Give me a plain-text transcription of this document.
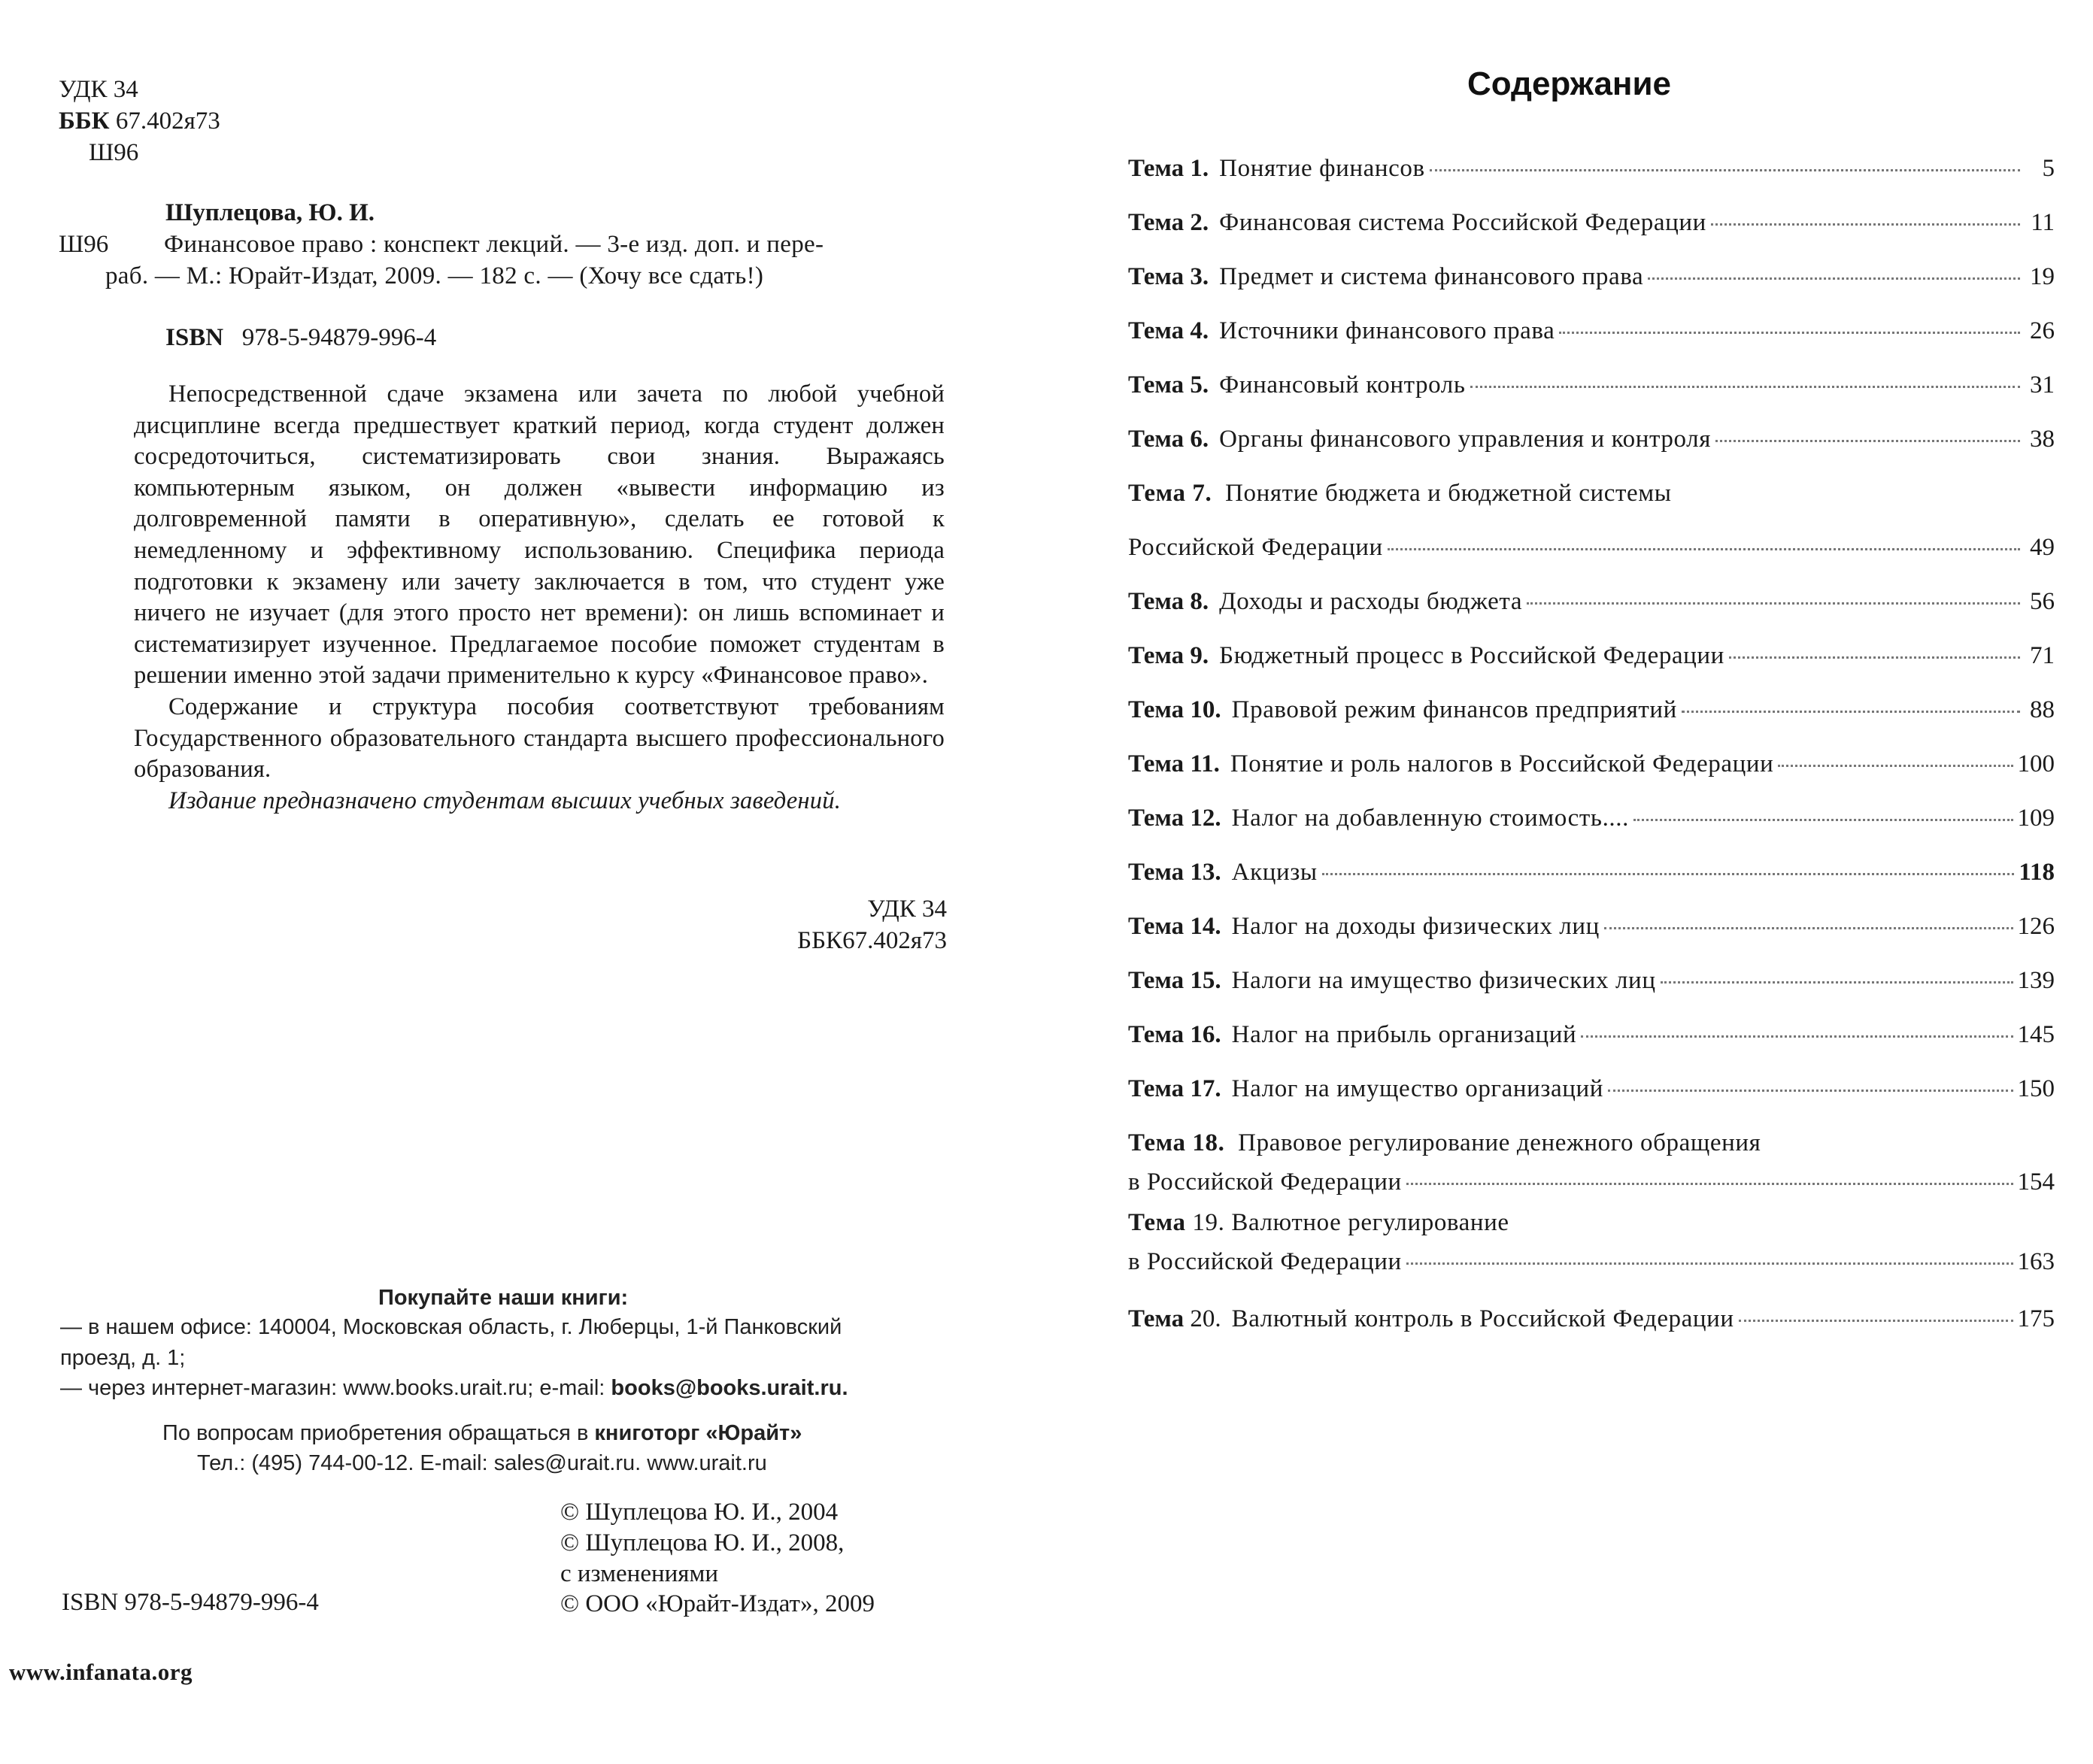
УДК 34

ББК 67.402я73

Ш96

Шуплецова, Ю. И.

Ш96 Финансовое право : конспект лекций. — 3-е изд. доп. и пере-

раб. — М.: Юрайт-Издат, 2009. — 182 с. — (Хочу все сдать!)

ISBN 978-5-94879-996-4

Непосредственной сдаче экзамена или зачета по любой учебной дисциплине всегда предшествует краткий период, когда студент должен сосредоточиться, систематизировать свои знания. Выражаясь компьютерным языком, он должен «вывести информацию из долговременной памяти в оперативную», сделать ее готовой к немедленному и эффективному использованию. Специфика периода подготовки к экзамену или зачету заключается в том, что студент уже ничего не изучает (для этого просто нет времени): он лишь вспоминает и систематизирует изученное. Предлагаемое пособие поможет студентам в решении именно этой задачи применительно к курсу «Финансовое право».

Содержание и структура пособия соответствуют требованиям Государственного образовательного стандарта высшего профессионального образования.

Издание предназначено студентам высших учебных заведений.

УДК 34

ББК67.402я73

Покупайте наши книги:

— в нашем офисе: 140004, Московская область, г. Люберцы, 1-й Панковский

проезд, д. 1;

— через интернет-магазин: www.books.urait.ru; e-mail: books@books.urait.ru.

По вопросам приобретения обращаться в книготорг «Юрайт»

Тел.: (495) 744-00-12. E-mail: sales@urait.ru. www.urait.ru

© Шуплецова Ю. И., 2004

© Шуплецова Ю. И., 2008,

с изменениями

© ООО «Юрайт-Издат», 2009

ISBN 978-5-94879-996-4

www.infanata.org

Содержание
Тема 1. Понятие финансов	5
Тема 2. Финансовая система Российской Федерации	11
Тема 3. Предмет и система финансового права	19
Тема 4. Источники финансового права	26
Тема 5. Финансовый контроль	31
Тема 6. Органы финансового управления и контроля	38

Тема 7. Понятие бюджета и бюджетной системы

Российской Федерации	49
Тема 8. Доходы и расходы бюджета	56
Тема 9. Бюджетный процесс в Российской Федерации	71
Тема 10. Правовой режим финансов предприятий	88
Тема 11. Понятие и роль налогов в Российской Федерации	100
Тема 12. Налог на добавленную стоимость....	109
Тема 13. Акцизы	118
Тема 14. Налог на доходы физических лиц	126
Тема 15. Налоги на имущество физических лиц	139
Тема 16. Налог на прибыль организаций	145
Тема 17. Налог на имущество организаций	150

Тема 18. Правовое регулирование денежного обращения

в Российской Федерации	154

Тема 19. Валютное регулирование

в Российской Федерации	163
Тема 20. Валютный контроль в Российской Федерации	175
